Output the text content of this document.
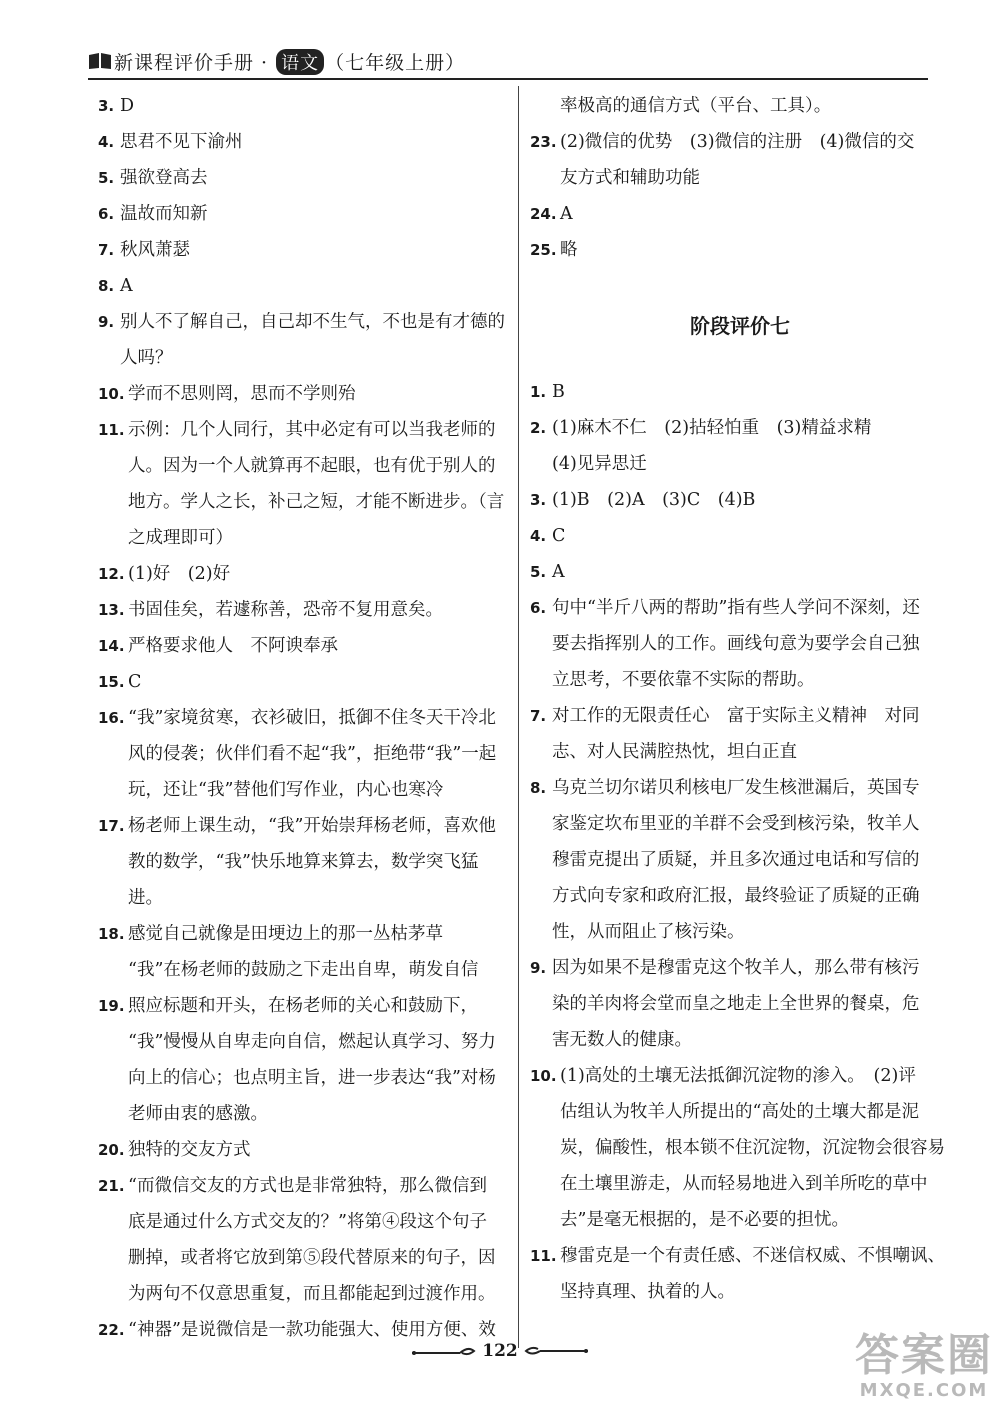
新课程评价手册 · 语文 （七年级上册）
3. D
4. 思君不见下渝州
5. 强欲登高去
6. 温故而知新
7. 秋风萧瑟
8. A
9. 别人不了解自己，自己却不生气，不也是有才德的
人吗？
10. 学而不思则罔，思而不学则殆
11. 示例：几个人同行，其中必定有可以当我老师的
人。因为一个人就算再不起眼，也有优于别人的
地方。学人之长，补己之短，才能不断进步。（言
之成理即可）
12. (1)好　(2)好
13. 书固佳矣，若遽称善，恐帝不复用意矣。
14. 严格要求他人　不阿谀奉承
15. C
16. “我”家境贫寒，衣衫破旧，抵御不住冬天干冷北
风的侵袭；伙伴们看不起“我”，拒绝带“我”一起
玩，还让“我”替他们写作业，内心也寒冷
17. 杨老师上课生动，“我”开始崇拜杨老师，喜欢他
教的数学，“我”快乐地算来算去，数学突飞猛进。
18. 感觉自己就像是田埂边上的那一丛枯茅草
“我”在杨老师的鼓励之下走出自卑，萌发自信
19. 照应标题和开头，在杨老师的关心和鼓励下，
“我”慢慢从自卑走向自信，燃起认真学习、努力
向上的信心；也点明主旨，进一步表达“我”对杨
老师由衷的感激。
20. 独特的交友方式
21. “而微信交友的方式也是非常独特，那么微信到
底是通过什么方式交友的？”将第④段这个句子
删掉，或者将它放到第⑤段代替原来的句子，因
为两句不仅意思重复，而且都能起到过渡作用。
22. “神器”是说微信是一款功能强大、使用方便、效
率极高的通信方式（平台、工具）。
23. (2)微信的优势　(3)微信的注册　(4)微信的交
友方式和辅助功能
24. A
25. 略
阶段评价七
1. B
2. (1)麻木不仁　(2)拈轻怕重　(3)精益求精
(4)见异思迁
3. (1)B　(2)A　(3)C　(4)B
4. C
5. A
6. 句中“半斤八两的帮助”指有些人学问不深刻，还
要去指挥别人的工作。画线句意为要学会自己独
立思考，不要依靠不实际的帮助。
7. 对工作的无限责任心　富于实际主义精神　对同
志、对人民满腔热忱，坦白正直
8. 乌克兰切尔诺贝利核电厂发生核泄漏后，英国专
家鉴定坎布里亚的羊群不会受到核污染，牧羊人
穆雷克提出了质疑，并且多次通过电话和写信的
方式向专家和政府汇报，最终验证了质疑的正确
性，从而阻止了核污染。
9. 因为如果不是穆雷克这个牧羊人，那么带有核污
染的羊肉将会堂而皇之地走上全世界的餐桌，危
害无数人的健康。
10. (1)高处的土壤无法抵御沉淀物的渗入。　(2)评
估组认为牧羊人所提出的“高处的土壤大都是泥
炭，偏酸性，根本锁不住沉淀物，沉淀物会很容易
在土壤里游走，从而轻易地进入到羊所吃的草中
去”是毫无根据的，是不必要的担忧。
11. 穆雷克是一个有责任感、不迷信权威、不惧嘲讽、
坚持真理、执着的人。
122	答案圈
MXQE.COM
